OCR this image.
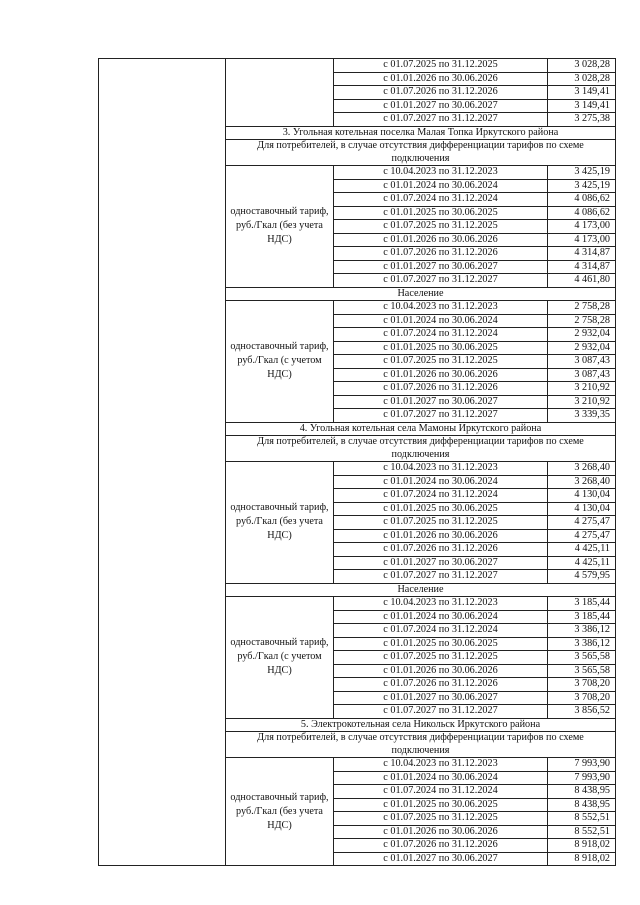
		с 01.07.2025 по 31.12.2025	3 028,28
		с 01.01.2026 по 30.06.2026	3 028,28
		с 01.07.2026 по 31.12.2026	3 149,41
		с 01.01.2027 по 30.06.2027	3 149,41
		с 01.07.2027 по 31.12.2027	3 275,38
	3. Угольная котельная поселка Малая Топка Иркутского района		
	Для потребителей, в случае отсутствия дифференциации тарифов по схеме подключения		
	одноставочный тариф, руб./Гкал (без учета НДС)	с 10.04.2023 по 31.12.2023	3 425,19
		с 01.01.2024 по 30.06.2024	3 425,19
		с 01.07.2024 по 31.12.2024	4 086,62
		с 01.01.2025 по 30.06.2025	4 086,62
		с 01.07.2025 по 31.12.2025	4 173,00
		с 01.01.2026 по 30.06.2026	4 173,00
		с 01.07.2026 по 31.12.2026	4 314,87
		с 01.01.2027 по 30.06.2027	4 314,87
		с 01.07.2027 по 31.12.2027	4 461,80
	Население		
	одноставочный тариф, руб./Гкал (с учетом НДС)	с 10.04.2023 по 31.12.2023	2 758,28
		с 01.01.2024 по 30.06.2024	2 758,28
		с 01.07.2024 по 31.12.2024	2 932,04
		с 01.01.2025 по 30.06.2025	2 932,04
		с 01.07.2025 по 31.12.2025	3 087,43
		с 01.01.2026 по 30.06.2026	3 087,43
		с 01.07.2026 по 31.12.2026	3 210,92
		с 01.01.2027 по 30.06.2027	3 210,92
		с 01.07.2027 по 31.12.2027	3 339,35
	4. Угольная котельная села Мамоны Иркутского района		
	Для потребителей, в случае отсутствия дифференциации тарифов по схеме подключения		
	одноставочный тариф, руб./Гкал (без учета НДС)	с 10.04.2023 по 31.12.2023	3 268,40
		с 01.01.2024 по 30.06.2024	3 268,40
		с 01.07.2024 по 31.12.2024	4 130,04
		с 01.01.2025 по 30.06.2025	4 130,04
		с 01.07.2025 по 31.12.2025	4 275,47
		с 01.01.2026 по 30.06.2026	4 275,47
		с 01.07.2026 по 31.12.2026	4 425,11
		с 01.01.2027 по 30.06.2027	4 425,11
		с 01.07.2027 по 31.12.2027	4 579,95
	Население		
	одноставочный тариф, руб./Гкал (с учетом НДС)	с 10.04.2023 по 31.12.2023	3 185,44
		с 01.01.2024 по 30.06.2024	3 185,44
		с 01.07.2024 по 31.12.2024	3 386,12
		с 01.01.2025 по 30.06.2025	3 386,12
		с 01.07.2025 по 31.12.2025	3 565,58
		с 01.01.2026 по 30.06.2026	3 565,58
		с 01.07.2026 по 31.12.2026	3 708,20
		с 01.01.2027 по 30.06.2027	3 708,20
		с 01.07.2027 по 31.12.2027	3 856,52
	5. Электрокотельная села Никольск Иркутского района		
	Для потребителей, в случае отсутствия дифференциации тарифов по схеме подключения		
	одноставочный тариф, руб./Гкал (без учета НДС)	с 10.04.2023 по 31.12.2023	7 993,90
		с 01.01.2024 по 30.06.2024	7 993,90
		с 01.07.2024 по 31.12.2024	8 438,95
		с 01.01.2025 по 30.06.2025	8 438,95
		с 01.07.2025 по 31.12.2025	8 552,51
		с 01.01.2026 по 30.06.2026	8 552,51
		с 01.07.2026 по 31.12.2026	8 918,02
		с 01.01.2027 по 30.06.2027	8 918,02
